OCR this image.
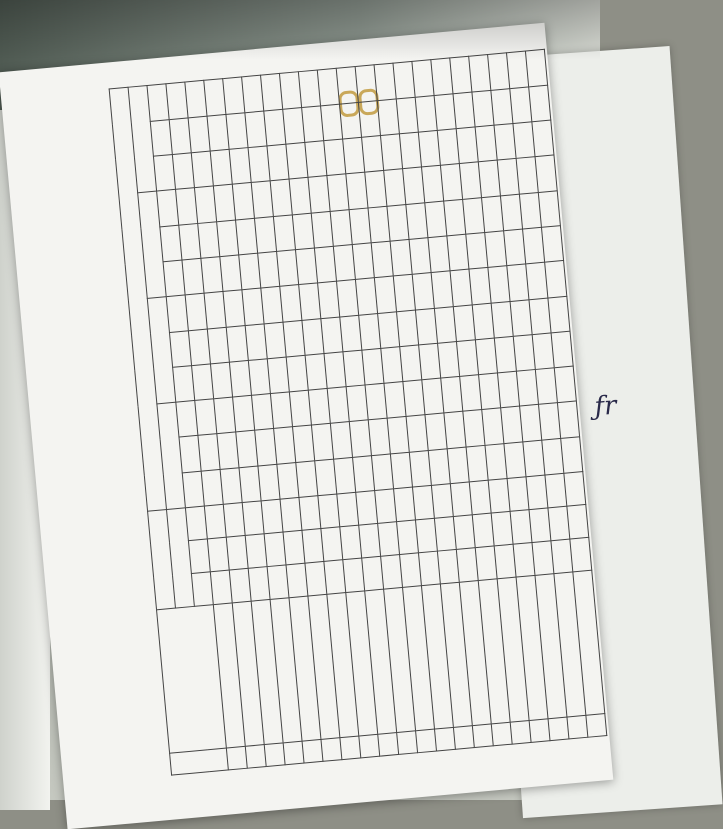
ƒr
